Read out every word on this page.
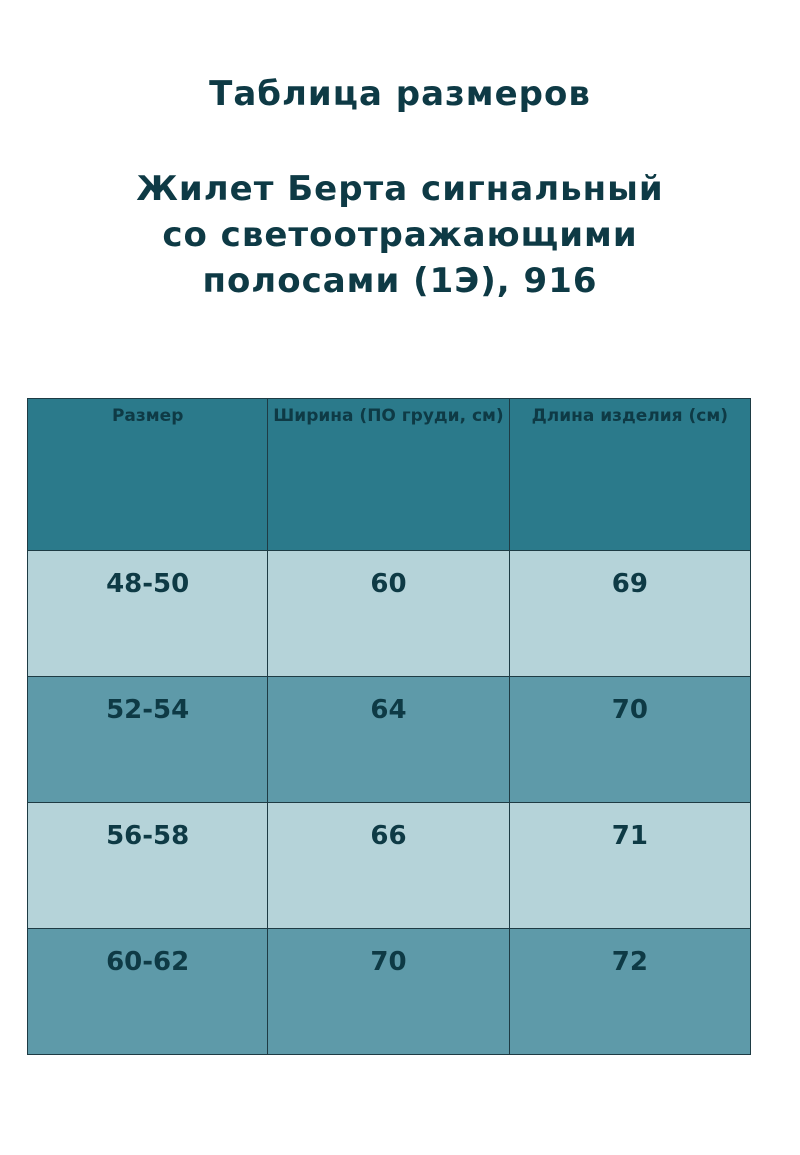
Таблица размеров
Жилет Берта сигнальный
со светоотражающими
полосами (1Э), 916
Размер	Ширина (ПО груди, см)	Длина изделия (см)
48-50	60	69
52-54	64	70
56-58	66	71
60-62	70	72
